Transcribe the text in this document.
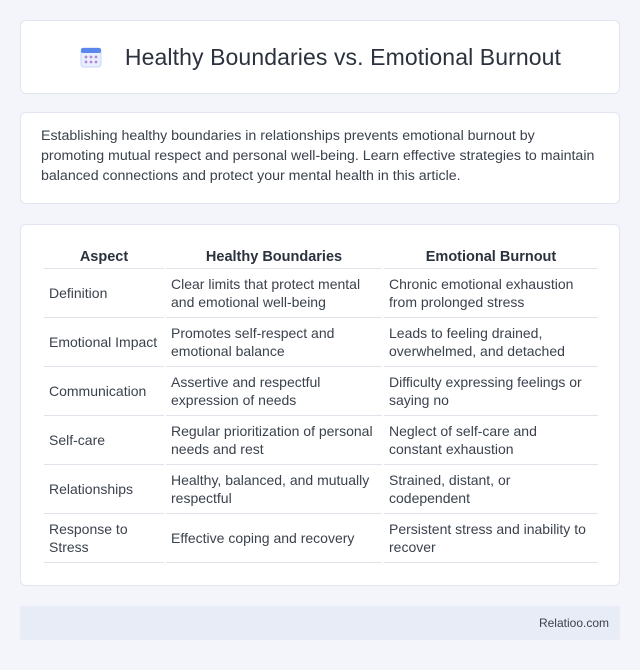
Healthy Boundaries vs. Emotional Burnout

Establishing healthy boundaries in relationships prevents emotional burnout by promoting mutual respect and personal well-being. Learn effective strategies to maintain balanced connections and protect your mental health in this article.

Aspect	Healthy Boundaries	Emotional Burnout
Definition	Clear limits that protect mental and emotional well-being	Chronic emotional exhaustion from prolonged stress
Emotional Impact	Promotes self-respect and emotional balance	Leads to feeling drained, overwhelmed, and detached
Communication	Assertive and respectful expression of needs	Difficulty expressing feelings or saying no
Self-care	Regular prioritization of personal needs and rest	Neglect of self-care and constant exhaustion
Relationships	Healthy, balanced, and mutually respectful	Strained, distant, or codependent
Response to Stress	Effective coping and recovery	Persistent stress and inability to recover
Relatioo.com
